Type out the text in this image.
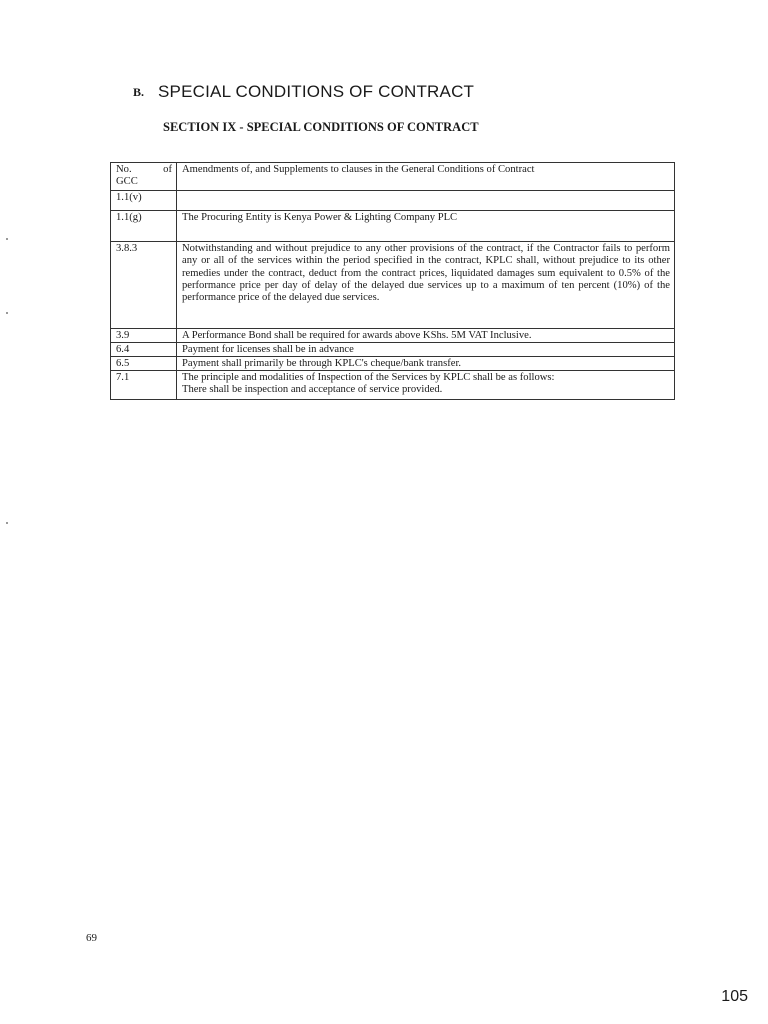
B. SPECIAL CONDITIONS OF CONTRACT
SECTION IX - SPECIAL CONDITIONS OF CONTRACT
No. of
GCC	Amendments of, and Supplements to clauses in the General Conditions of Contract
1.1(v)	
1.1(g)	The Procuring Entity is Kenya Power & Lighting Company PLC
3.8.3	Notwithstanding and without prejudice to any other provisions of the contract, if the Contractor fails to perform any or all of the services within the period specified in the contract, KPLC shall, without prejudice to its other remedies under the contract, deduct from the contract prices, liquidated damages sum equivalent to 0.5% of the performance price per day of delay of the delayed due services up to a maximum of ten percent (10%) of the performance price of the delayed due services.
3.9	A Performance Bond shall be required for awards above KShs. 5M VAT Inclusive.
6.4	Payment for licenses shall be in advance
6.5	Payment shall primarily be through KPLC's cheque/bank transfer.
7.1	The principle and modalities of Inspection of the Services by KPLC shall be as follows:
There shall be inspection and acceptance of service provided.
69
105
